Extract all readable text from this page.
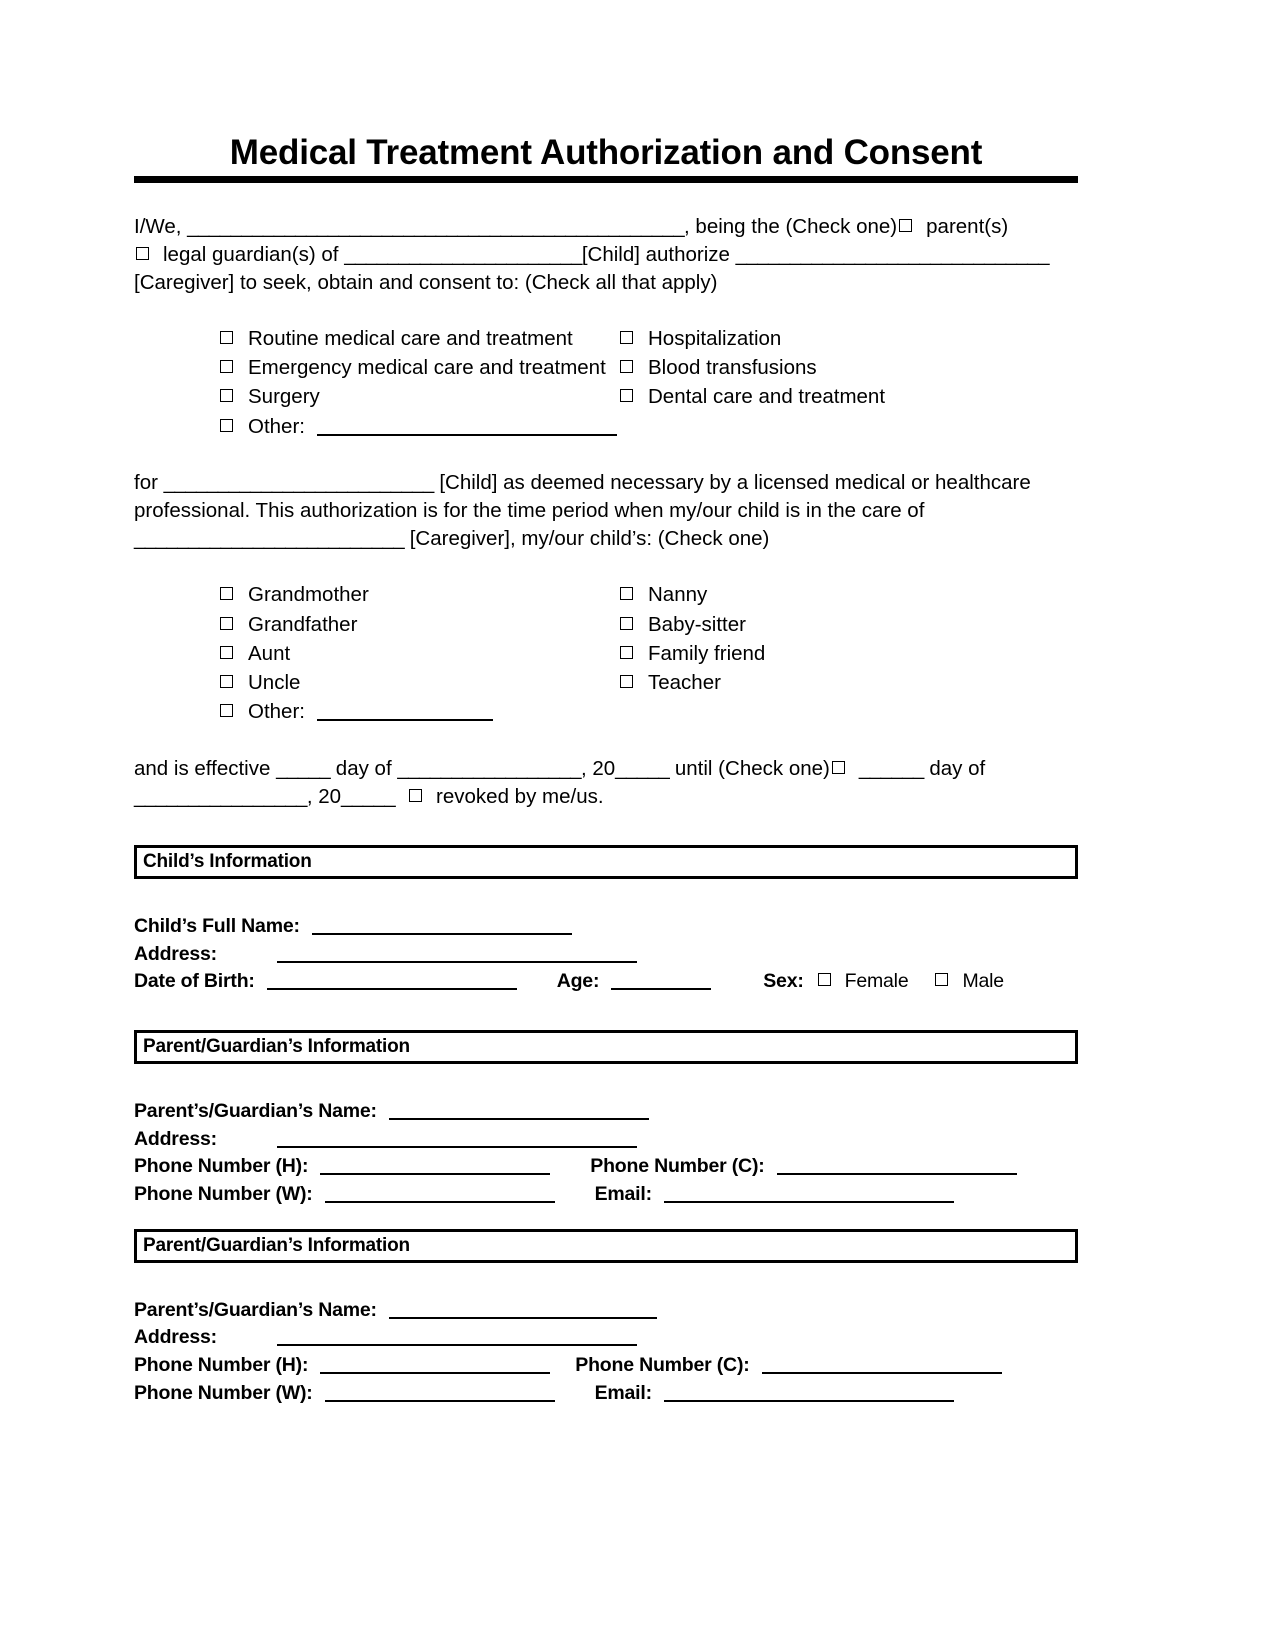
Medical Treatment Authorization and Consent
I/We, ______________________________________________, being the (Check one) parent(s)
legal guardian(s) of ______________________[Child] authorize _____________________________
[Caregiver] to seek, obtain and consent to: (Check all that apply)
Routine medical care and treatment
Emergency medical care and treatment
Surgery
Other:
Hospitalization
Blood transfusions
Dental care and treatment
for _________________________ [Child] as deemed necessary by a licensed medical or healthcare
professional. This authorization is for the time period when my/our child is in the care of
_________________________ [Caregiver], my/our child’s: (Check one)
Grandmother
Grandfather
Aunt
Uncle
Other:
Nanny
Baby-sitter
Family friend
Teacher
and is effective _____ day of _________________, 20_____ until (Check one) ______ day of
________________, 20_____ revoked by me/us.
Child’s Information
Child’s Full Name:
Address:
Date of Birth:	Age:	Sex: Female	Male
Parent/Guardian’s Information
Parent’s/Guardian’s Name:
Address:
Phone Number (H):	Phone Number (C):
Phone Number (W):	Email:
Parent/Guardian’s Information
Parent’s/Guardian’s Name:
Address:
Phone Number (H):	Phone Number (C):
Phone Number (W):	Email:
